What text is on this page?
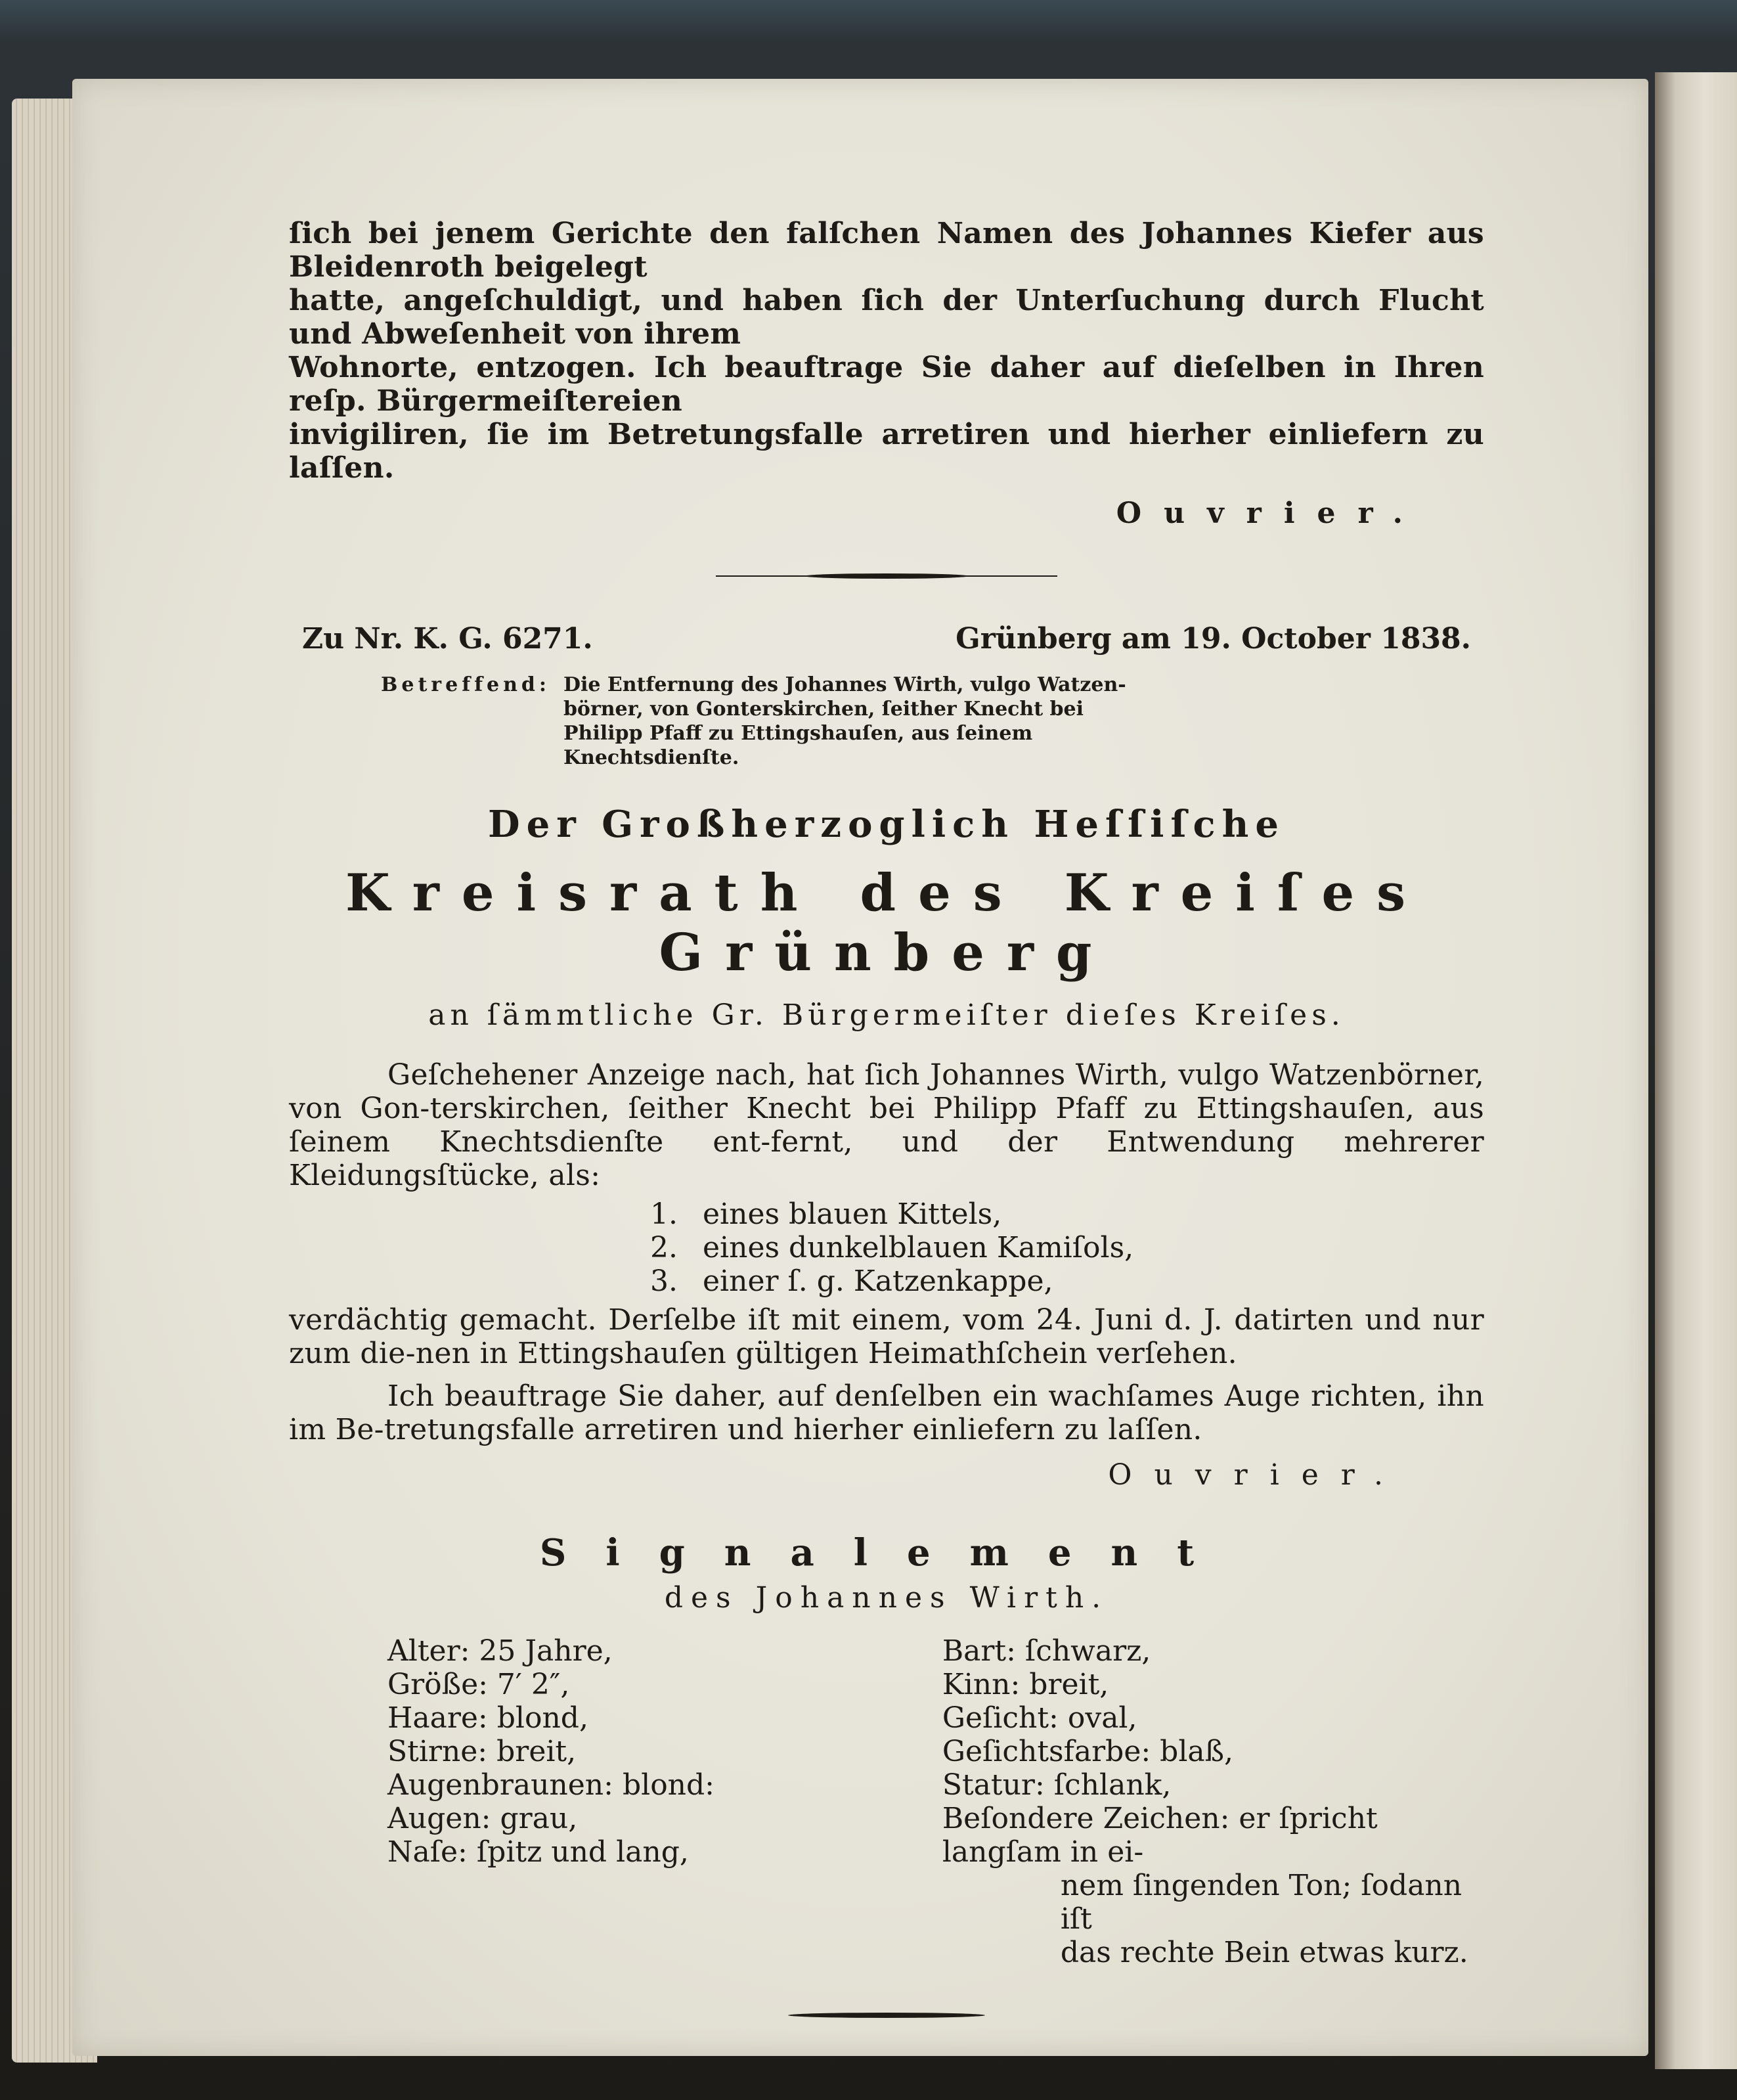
ſich bei jenem Gerichte den falſchen Namen des Johannes Kiefer aus Bleidenroth beigelegt

hatte, angeſchuldigt, und haben ſich der Unterſuchung durch Flucht und Abweſenheit von ihrem

Wohnorte, entzogen. Ich beauftrage Sie daher auf dieſelben in Ihren reſp. Bürgermeiſtereien

invigiliren, ſie im Betretungsfalle arretiren und hierher einliefern zu laſſen.

Ouvrier.
Zu Nr. K. G. 6271.	Grünberg am 19. October 1838.
Betreffend: Die Entfernung des Johannes Wirth, vulgo Watzen-börner, von Gonterskirchen, ſeither Knecht bei Philipp Pfaff zu Ettingshauſen, aus ſeinem Knechtsdienſte.
Der Großherzoglich Heſſiſche
Kreisrath des Kreiſes Grünberg
an ſämmtliche Gr. Bürgermeiſter dieſes Kreiſes.

Geſchehener Anzeige nach, hat ſich Johannes Wirth, vulgo Watzenbörner, von Gon-terskirchen, ſeither Knecht bei Philipp Pfaff zu Ettingshauſen, aus ſeinem Knechtsdienſte ent-fernt, und der Entwendung mehrerer Kleidungsſtücke, als:

1. eines blauen Kittels,
2. eines dunkelblauen Kamiſols,
3. einer ſ. g. Katzenkappe,

verdächtig gemacht. Derſelbe iſt mit einem, vom 24. Juni d. J. datirten und nur zum die-nen in Ettingshauſen gültigen Heimathſchein verſehen.

Ich beauftrage Sie daher, auf denſelben ein wachſames Auge richten, ihn im Be-tretungsfalle arretiren und hierher einliefern zu laſſen.

Ouvrier.
Signalement
des Johannes Wirth.
Alter: 25 Jahre,
Größe: 7′ 2″,
Haare: blond,
Stirne: breit,
Augenbraunen: blond:
Augen: grau,
Naſe: ſpitz und lang,
Bart: ſchwarz,
Kinn: breit,
Geſicht: oval,
Geſichtsfarbe: blaß,
Statur: ſchlank,
Beſondere Zeichen: er ſpricht langſam in ei-
nem ſingenden Ton; ſodann iſt
das rechte Bein etwas kurz.
